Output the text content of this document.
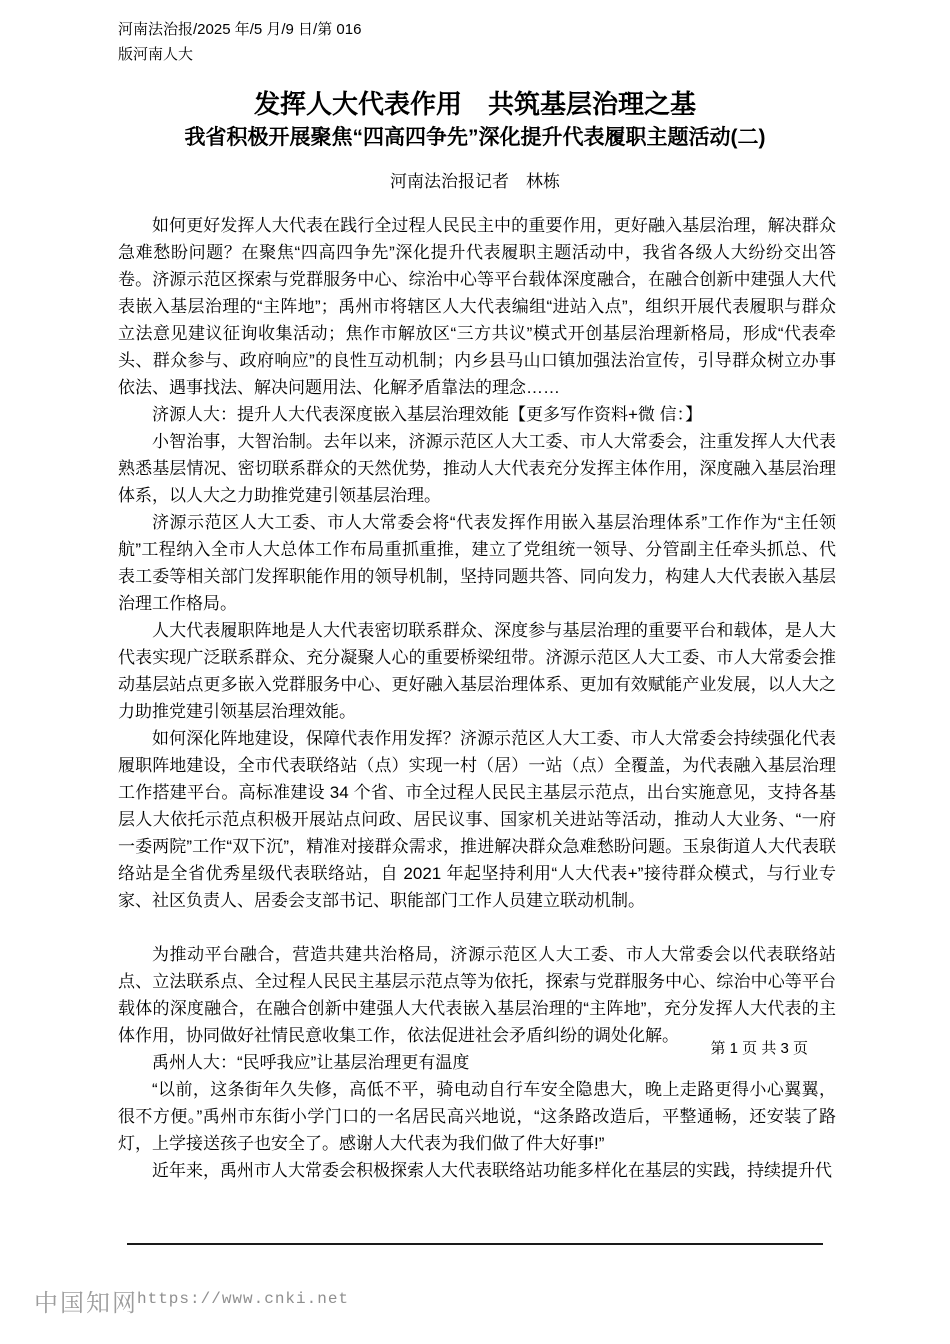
河南法治报/2025 年/5 月/9 日/第 016
版河南人大
发挥人大代表作用　共筑基层治理之基
我省积极开展聚焦“四高四争先”深化提升代表履职主题活动(二)
河南法治报记者　林栋

如何更好发挥人大代表在践行全过程人民民主中的重要作用，更好融入基层治理，解决群众急难愁盼问题？在聚焦“四高四争先”深化提升代表履职主题活动中，我省各级人大纷纷交出答卷。济源示范区探索与党群服务中心、综治中心等平台载体深度融合，在融合创新中建强人大代表嵌入基层治理的“主阵地”；禹州市将辖区人大代表编组“进站入点”，组织开展代表履职与群众立法意见建议征询收集活动；焦作市解放区“三方共议”模式开创基层治理新格局，形成“代表牵头、群众参与、政府响应”的良性互动机制；内乡县马山口镇加强法治宣传，引导群众树立办事依法、遇事找法、解决问题用法、化解矛盾靠法的理念……

济源人大：提升人大代表深度嵌入基层治理效能【更多写作资料+微 信：】

小智治事，大智治制。去年以来，济源示范区人大工委、市人大常委会，注重发挥人大代表熟悉基层情况、密切联系群众的天然优势，推动人大代表充分发挥主体作用，深度融入基层治理体系，以人大之力助推党建引领基层治理。

济源示范区人大工委、市人大常委会将“代表发挥作用嵌入基层治理体系”工作作为“主任领航”工程纳入全市人大总体工作布局重抓重推，建立了党组统一领导、分管副主任牵头抓总、代表工委等相关部门发挥职能作用的领导机制，坚持同题共答、同向发力，构建人大代表嵌入基层治理工作格局。

人大代表履职阵地是人大代表密切联系群众、深度参与基层治理的重要平台和载体，是人大代表实现广泛联系群众、充分凝聚人心的重要桥梁纽带。济源示范区人大工委、市人大常委会推动基层站点更多嵌入党群服务中心、更好融入基层治理体系、更加有效赋能产业发展，以人大之力助推党建引领基层治理效能。

如何深化阵地建设，保障代表作用发挥？济源示范区人大工委、市人大常委会持续强化代表履职阵地建设，全市代表联络站（点）实现一村（居）一站（点）全覆盖，为代表融入基层治理工作搭建平台。高标准建设 34 个省、市全过程人民民主基层示范点，出台实施意见，支持各基层人大依托示范点积极开展站点问政、居民议事、国家机关进站等活动，推动人大业务、“一府一委两院”工作“双下沉”，精准对接群众需求，推进解决群众急难愁盼问题。玉泉街道人大代表联络站是全省优秀星级代表联络站，自 2021 年起坚持利用“人大代表+”接待群众模式，与行业专家、社区负责人、居委会支部书记、职能部门工作人员建立联动机制。

为推动平台融合，营造共建共治格局，济源示范区人大工委、市人大常委会以代表联络站点、立法联系点、全过程人民民主基层示范点等为依托，探索与党群服务中心、综治中心等平台载体的深度融合，在融合创新中建强人大代表嵌入基层治理的“主阵地”，充分发挥人大代表的主体作用，协同做好社情民意收集工作，依法促进社会矛盾纠纷的调处化解。

禹州人大：“民呼我应”让基层治理更有温度

“以前，这条街年久失修，高低不平，骑电动自行车安全隐患大，晚上走路更得小心翼翼，很不方便。”禹州市东街小学门口的一名居民高兴地说，“这条路改造后，平整通畅，还安装了路灯，上学接送孩子也安全了。感谢人大代表为我们做了件大好事!”

近年来，禹州市人大常委会积极探索人大代表联络站功能多样化在基层的实践，持续提升代

第 1 页 共 3 页
中国知网 https://www.cnki.net
